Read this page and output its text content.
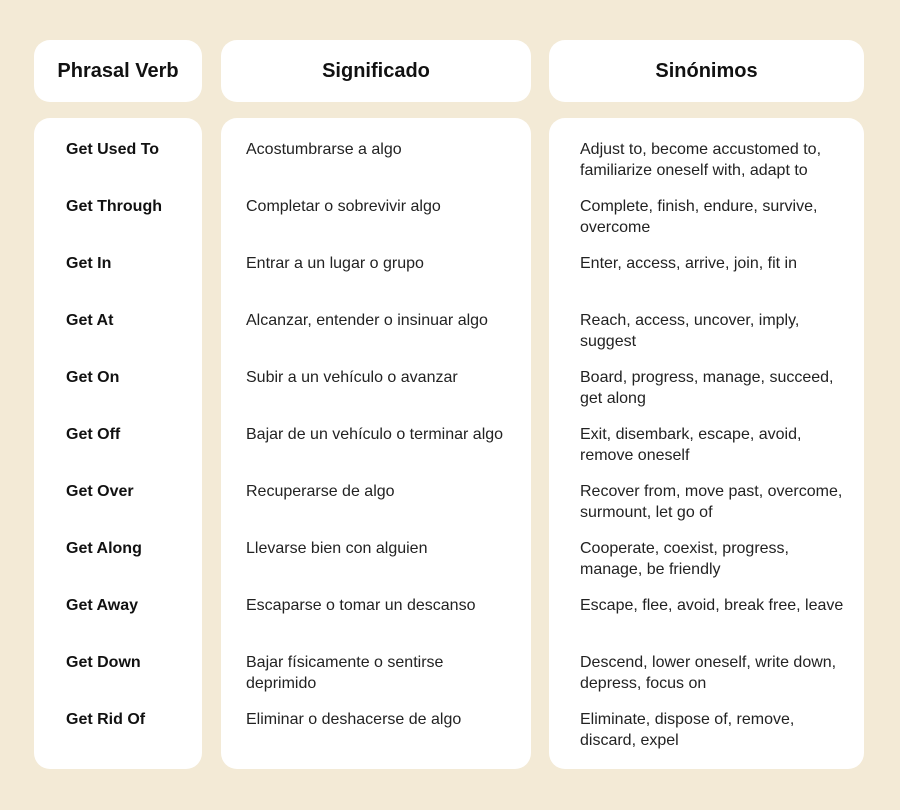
Phrasal Verb	Significado	Sinónimos
Get Used To
Get Through
Get In
Get At
Get On
Get Off
Get Over
Get Along
Get Away
Get Down
Get Rid Of
Acostumbrarse a algo
Completar o sobrevivir algo
Entrar a un lugar o grupo
Alcanzar, entender o insinuar algo
Subir a un vehículo o avanzar
Bajar de un vehículo o terminar algo
Recuperarse de algo
Llevarse bien con alguien
Escaparse o tomar un descanso
Bajar físicamente o sentirse deprimido
Eliminar o deshacerse de algo
Adjust to, become accustomed to, familiarize oneself with, adapt to
Complete, finish, endure, survive, overcome
Enter, access, arrive, join, fit in
Reach, access, uncover, imply, suggest
Board, progress, manage, succeed, get along
Exit, disembark, escape, avoid, remove oneself
Recover from, move past, overcome, surmount, let go of
Cooperate, coexist, progress, manage, be friendly
Escape, flee, avoid, break free, leave
Descend, lower oneself, write down, depress, focus on
Eliminate, dispose of, remove, discard, expel
